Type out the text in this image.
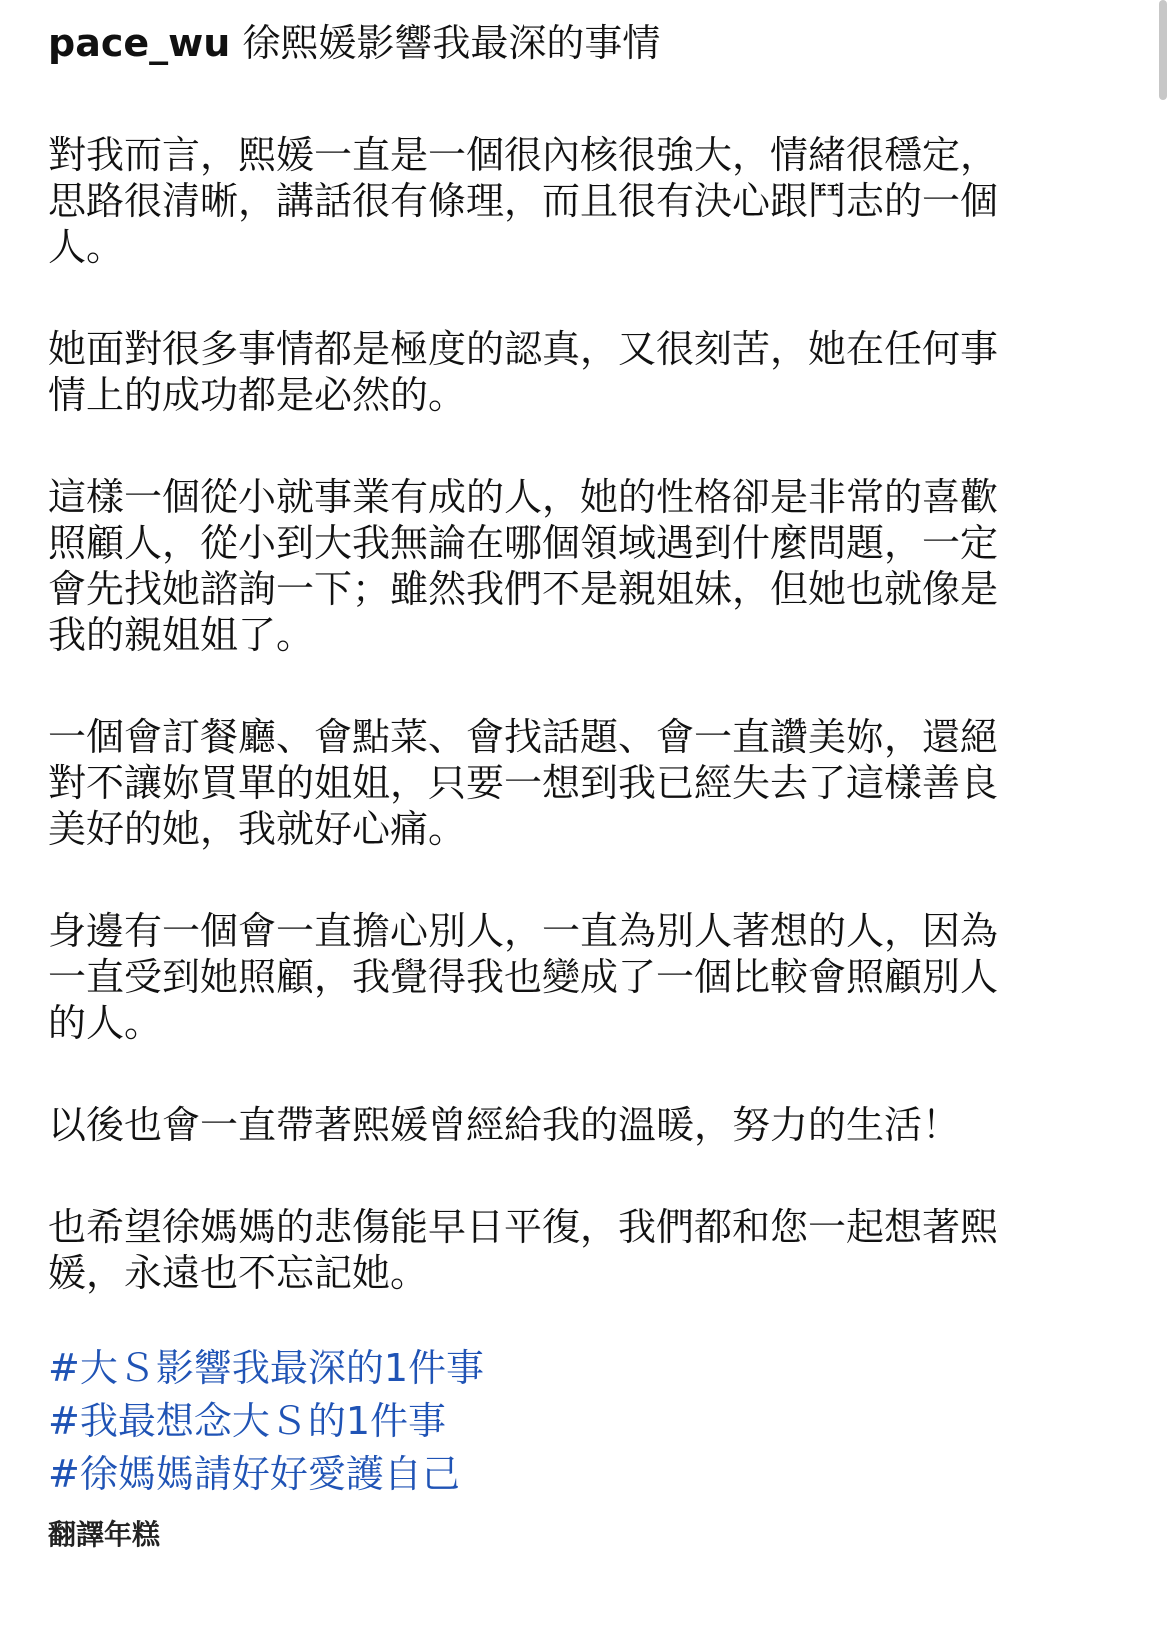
pace_wu 徐熙媛影響我最深的事情

對我而言，熙媛一直是一個很內核很強大，情緒很穩定，
思路很清晰，講話很有條理，而且很有決心跟鬥志的一個
人。

她面對很多事情都是極度的認真，又很刻苦，她在任何事
情上的成功都是必然的。

這樣一個從小就事業有成的人，她的性格卻是非常的喜歡
照顧人，從小到大我無論在哪個領域遇到什麼問題，一定
會先找她諮詢一下；雖然我們不是親姐妹，但她也就像是
我的親姐姐了。

一個會訂餐廳、會點菜、會找話題、會一直讚美妳，還絕
對不讓妳買單的姐姐，只要一想到我已經失去了這樣善良
美好的她，我就好心痛。

身邊有一個會一直擔心別人，一直為別人著想的人，因為
一直受到她照顧，我覺得我也變成了一個比較會照顧別人
的人。

以後也會一直帶著熙媛曾經給我的溫暖，努力的生活！

也希望徐媽媽的悲傷能早日平復，我們都和您一起想著熙
媛，永遠也不忘記她。

#大Ｓ影響我最深的1件事
#我最想念大Ｓ的1件事
#徐媽媽請好好愛護自己
翻譯年糕
